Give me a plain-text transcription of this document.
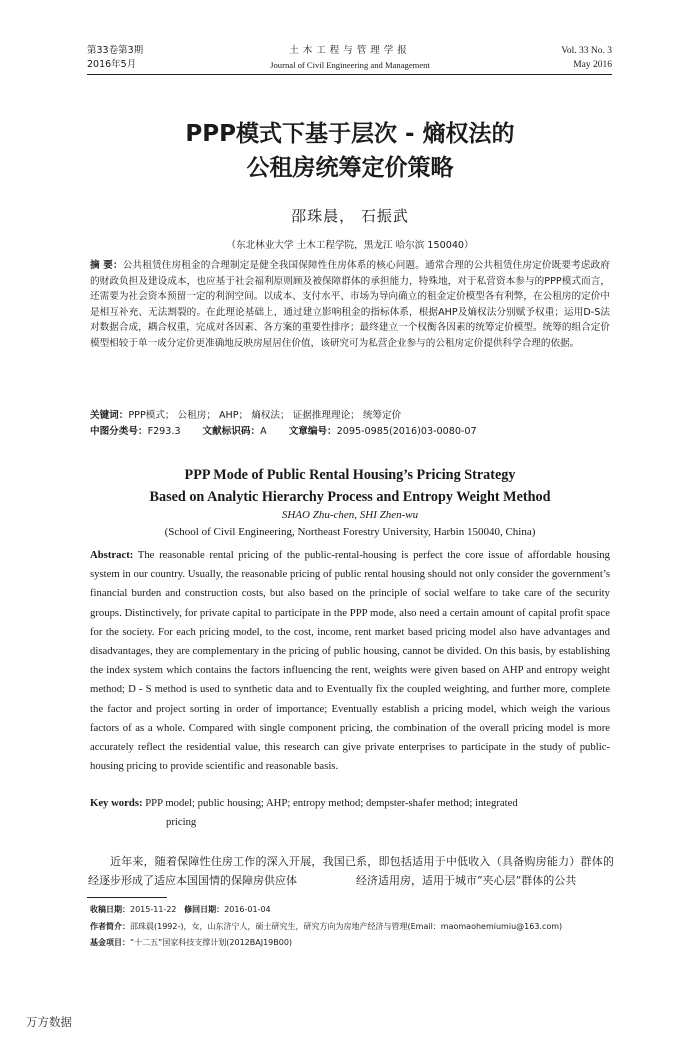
第33卷第3期
2016年5月
土木工程与管理学报
Journal of Civil Engineering and Management
Vol. 33 No. 3
May 2016
PPP模式下基于层次 - 熵权法的
公租房统筹定价策略
邵珠晨， 石振武
（东北林业大学 土木工程学院，黑龙江 哈尔滨 150040）
摘 要：公共租赁住房租金的合理制定是健全我国保障性住房体系的核心问题。通常合理的公共租赁住房定价既要考虑政府的财政负担及建设成本，也应基于社会福利原则顾及被保障群体的承担能力，特殊地，对于私营资本参与的PPP模式而言，还需要为社会资本预留一定的利润空间。以成本、支付水平、市场为导向确立的租金定价模型各有利弊，在公租房的定价中是相互补充、无法割裂的。在此理论基础上，通过建立影响租金的指标体系，根据AHP及熵权法分别赋予权重；运用D-S法对数据合成，耦合权重，完成对各因素、各方案的重要性排序；最终建立一个权衡各因素的统筹定价模型。统筹的组合定价模型相较于单一成分定价更准确地反映房屋居住价值，该研究可为私营企业参与的公租房定价提供科学合理的依据。
关键词：PPP模式； 公租房； AHP； 熵权法； 证据推理理论； 统筹定价
中图分类号：F293.3 文献标识码：A 文章编号：2095-0985(2016)03-0080-07
PPP Mode of Public Rental Housing’s Pricing Strategy
Based on Analytic Hierarchy Process and Entropy Weight Method
SHAO Zhu-chen, SHI Zhen-wu
(School of Civil Engineering, Northeast Forestry University, Harbin 150040, China)
Abstract: The reasonable rental pricing of the public-rental-housing is perfect the core issue of affordable housing system in our country. Usually, the reasonable pricing of public rental housing should not only consider the government’s financial burden and construction costs, but also based on the principle of social welfare to take care of the security groups. Distinctively, for private capital to participate in the PPP mode, also need a certain amount of capital profit space for the society. For each pricing model, to the cost, income, rent market based pricing model also have advantages and disadvantages, they are complementary in the pricing of public housing, cannot be divided. On this basis, by establishing the index system which contains the factors influencing the rent, weights were given based on AHP and entropy weight method; D - S method is used to synthetic data and to Eventually fix the coupled weighting, and further more, complete the factor and project sorting in order of importance; Eventually establish a pricing model, which weigh the various factors of as a whole. Compared with single component pricing, the combination of the overall pricing model is more accurately reflect the residential value, this research can give private enterprises to participate in the study of public-housing pricing to provide scientific and reasonable basis.
Key words: PPP model; public housing; AHP; entropy method; dempster-shafer method; integrated
pricing
近年来，随着保障性住房工作的深入开展，我国已经逐步形成了适应本国国情的保障房供应体
系，即包括适用于中低收入（具备购房能力）群体的经济适用房，适用于城市“夹心层”群体的公共
收稿日期：2015-11-22 修回日期：2016-01-04
作者简介：邵珠晨(1992-)，女，山东济宁人，硕士研究生，研究方向为房地产经济与管理(Email：maomaohemiumiu@163.com)
基金项目：“十二五”国家科技支撑计划(2012BAJ19B00)
万方数据
